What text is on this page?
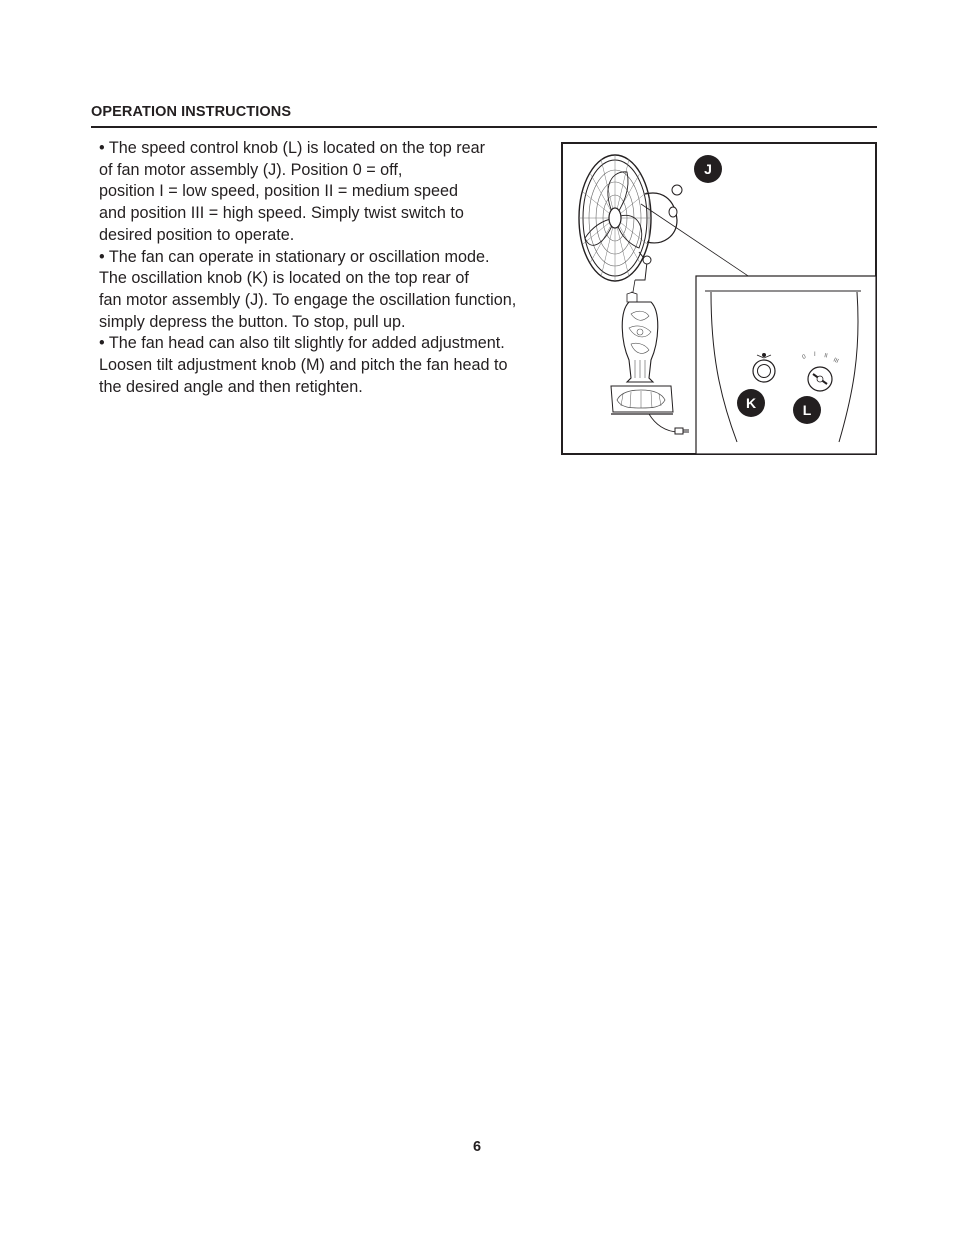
OPERATION INSTRUCTIONS
• The speed control knob (L) is located on the top rear
of fan motor assembly (J). Position 0 = off,
position I = low speed, position II = medium speed
and position III = high speed. Simply twist switch to
desired position to operate.
• The fan can operate in stationary or oscillation mode.
The oscillation knob (K) is located on the top rear of
fan motor assembly (J). To engage the oscillation function,
simply depress the button. To stop, pull up.
• The fan head can also tilt slightly for added adjustment.
Loosen tilt adjustment knob (M) and pitch the fan head to
the desired angle and then retighten.
J
0 I II
III
K	L
6
